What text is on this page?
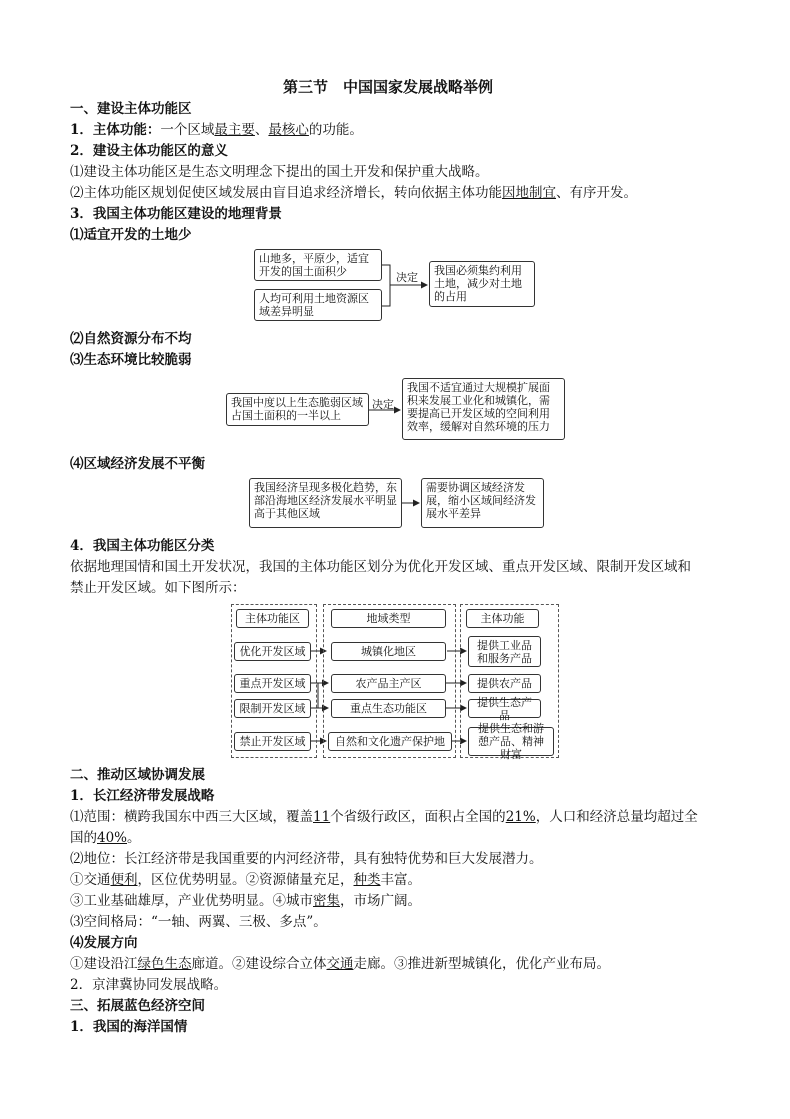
第三节　中国国家发展战略举例
一、建设主体功能区
1．主体功能：一个区域最主要、最核心的功能。
2．建设主体功能区的意义
⑴建设主体功能区是生态文明理念下提出的国土开发和保护重大战略。
⑵主体功能区规划促使区域发展由盲目追求经济增长，转向依据主体功能因地制宜、有序开发。
3．我国主体功能区建设的地理背景
⑴适宜开发的土地少
山地多，平原少，适宜开发的国土面积少
人均可利用土地资源区域差异明显
决定
我国必须集约利用土地，减少对土地的占用
⑵自然资源分布不均
⑶生态环境比较脆弱
我国中度以上生态脆弱区域占国土面积的一半以上
决定
我国不适宜通过大规模扩展面积来发展工业化和城镇化，需要提高已开发区域的空间利用效率，缓解对自然环境的压力
⑷区域经济发展不平衡
我国经济呈现多极化趋势，东部沿海地区经济发展水平明显高于其他区域
需要协调区域经济发展，缩小区域间经济发展水平差异
4．我国主体功能区分类
依据地理国情和国土开发状况，我国的主体功能区划分为优化开发区域、重点开发区域、限制开发区域和
禁止开发区域。如下图所示：
主体功能区	地域类型	主体功能
优化开发区域
重点开发区域
限制开发区域
禁止开发区域
城镇化地区
农产品主产区
重点生态功能区
自然和文化遗产保护地
提供工业品和服务产品
提供农产品
提供生态产品
提供生态和游憩产品、精神财富
二、推动区域协调发展
1．长江经济带发展战略
⑴范围：横跨我国东中西三大区域，覆盖11个省级行政区，面积占全国的21%，人口和经济总量均超过全
国的40%。
⑵地位：长江经济带是我国重要的内河经济带，具有独特优势和巨大发展潜力。
①交通便利，区位优势明显。②资源储量充足，种类丰富。
③工业基础雄厚，产业优势明显。④城市密集，市场广阔。
⑶空间格局：“一轴、两翼、三极、多点”。
⑷发展方向
①建设沿江绿色生态廊道。②建设综合立体交通走廊。③推进新型城镇化，优化产业布局。
2．京津冀协同发展战略。
三、拓展蓝色经济空间
1．我国的海洋国情
